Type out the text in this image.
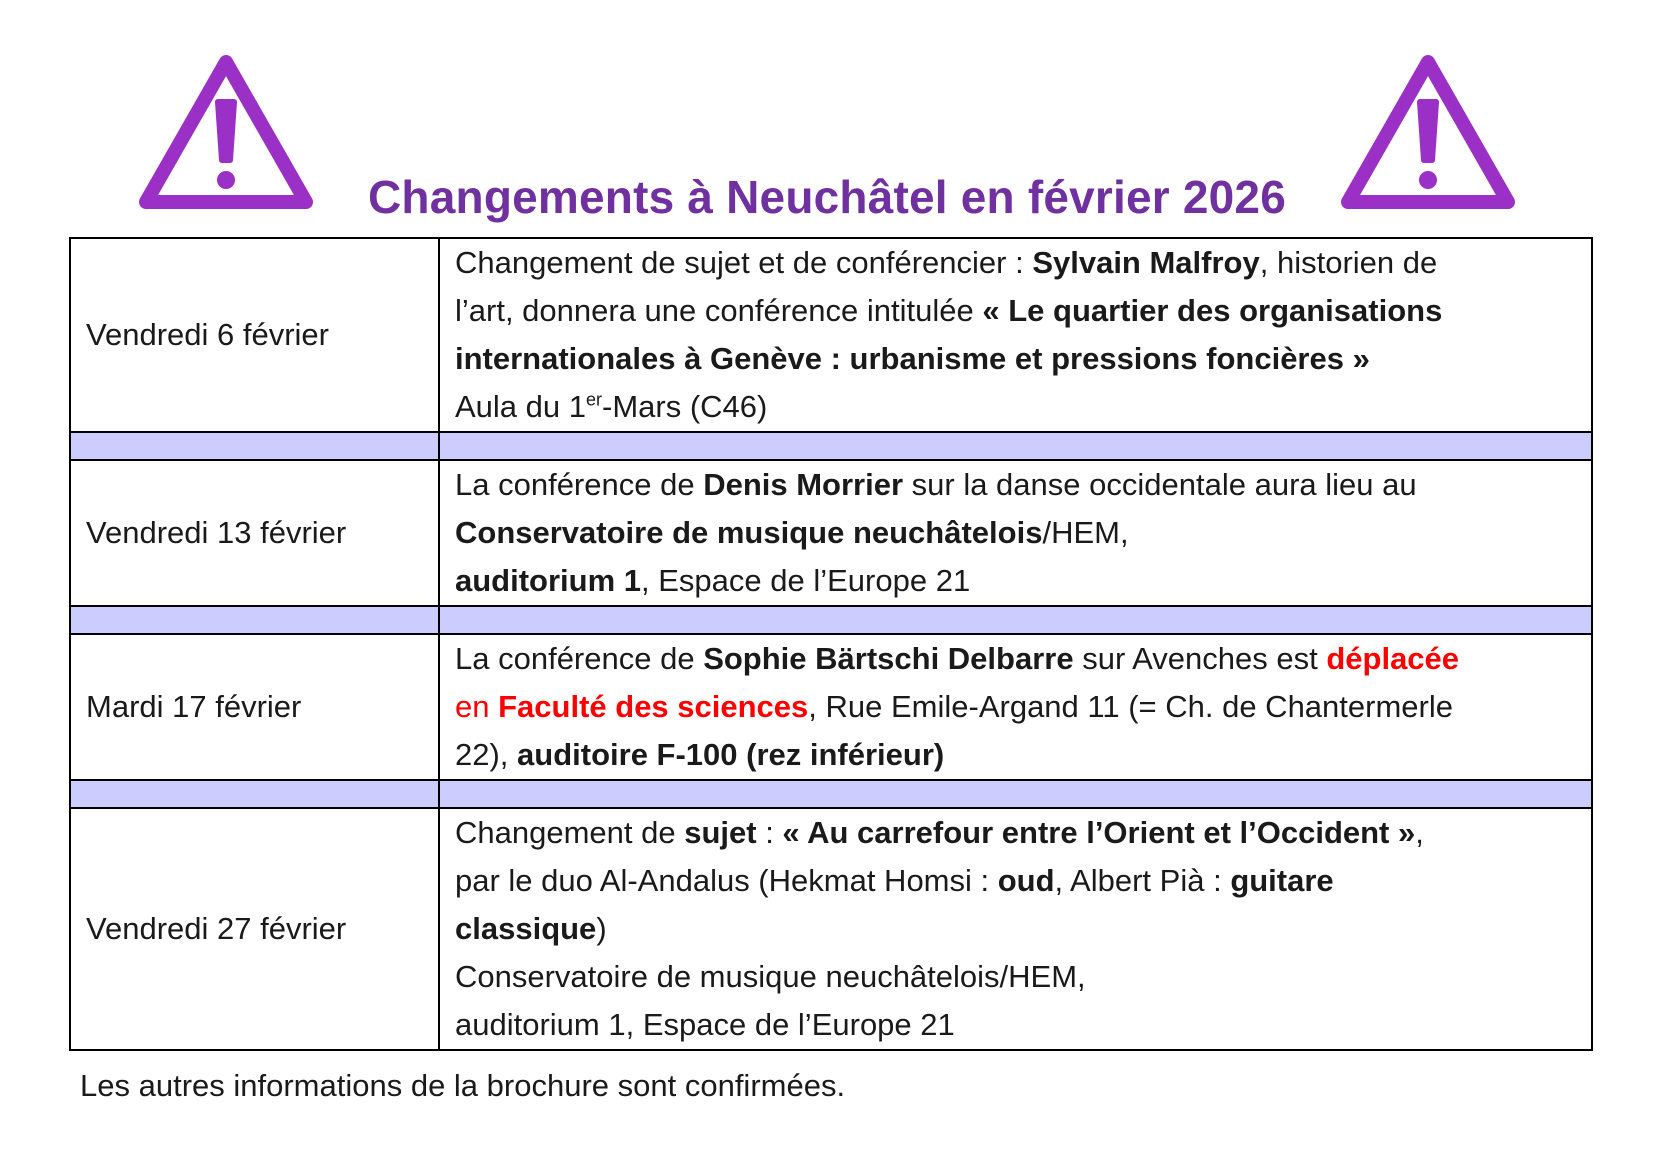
Changements à Neuchâtel en février 2026
Vendredi 6 février	Changement de sujet et de conférencier : Sylvain Malfroy, historien de
l’art, donnera une conférence intitulée « Le quartier des organisations
internationales à Genève : urbanisme et pressions foncières »
Aula du 1er-Mars (C46)

Vendredi 13 février	La conférence de Denis Morrier sur la danse occidentale aura lieu au
Conservatoire de musique neuchâtelois/HEM,
auditorium 1, Espace de l’Europe 21

Mardi 17 février	La conférence de Sophie Bärtschi Delbarre sur Avenches est déplacée
en Faculté des sciences, Rue Emile-Argand 11 (= Ch. de Chantermerle
22), auditoire F-100 (rez inférieur)

Vendredi 27 février	Changement de sujet : « Au carrefour entre l’Orient et l’Occident »,
par le duo Al-Andalus (Hekmat Homsi : oud, Albert Pià : guitare
classique)
Conservatoire de musique neuchâtelois/HEM,
auditorium 1, Espace de l’Europe 21
Les autres informations de la brochure sont confirmées.
